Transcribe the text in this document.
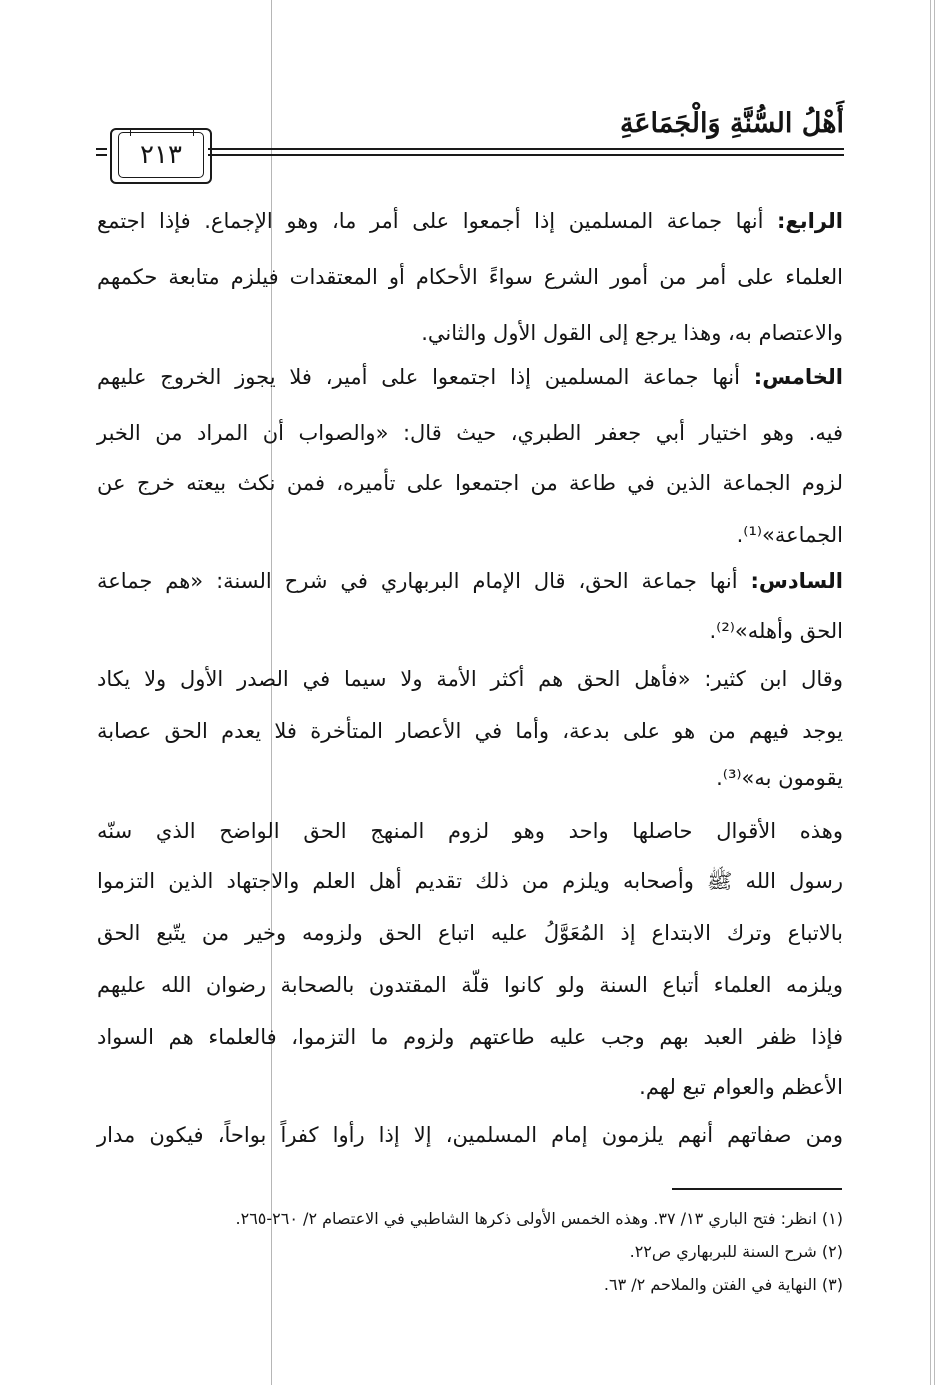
أَهْلُ السُّنَّةِ وَالْجَمَاعَةِ
٢١٣
الرابع: أنها جماعة المسلمين إذا أجمعوا على أمر ما، وهو الإجماع. فإذا اجتمع
العلماء على أمر من أمور الشرع سواءً الأحكام أو المعتقدات فيلزم متابعة حكمهم
والاعتصام به، وهذا يرجع إلى القول الأول والثاني.
الخامس: أنها جماعة المسلمين إذا اجتمعوا على أمير، فلا يجوز الخروج عليهم
فيه. وهو اختيار أبي جعفر الطبري، حيث قال: «والصواب أن المراد من الخبر
لزوم الجماعة الذين في طاعة من اجتمعوا على تأميره، فمن نكث بيعته خرج عن
الجماعة»⁽¹⁾.
السادس: أنها جماعة الحق، قال الإمام البربهاري في شرح السنة: «هم جماعة
الحق وأهله»⁽²⁾.
وقال ابن كثير: «فأهل الحق هم أكثر الأمة ولا سيما في الصدر الأول ولا يكاد
يوجد فيهم من هو على بدعة، وأما في الأعصار المتأخرة فلا يعدم الحق عصابة
يقومون به»⁽³⁾.
وهذه الأقوال حاصلها واحد وهو لزوم المنهج الحق الواضح الذي سنّه
رسول الله ﷺ وأصحابه ويلزم من ذلك تقديم أهل العلم والاجتهاد الذين التزموا
بالاتباع وترك الابتداع إذ المُعَوَّلُ عليه اتباع الحق ولزومه وخير من يتّبع الحق
ويلزمه العلماء أتباع السنة ولو كانوا قلّة المقتدون بالصحابة رضوان الله عليهم
فإذا ظفر العبد بهم وجب عليه طاعتهم ولزوم ما التزموا، فالعلماء هم السواد
الأعظم والعوام تبع لهم.
ومن صفاتهم أنهم يلزمون إمام المسلمين، إلا إذا رأوا كفراً بواحاً، فيكون مدار
(١) انظر: فتح الباري ١٣/ ٣٧. وهذه الخمس الأولى ذكرها الشاطبي في الاعتصام ٢/ ٢٦٠-٢٦٥.
(٢) شرح السنة للبربهاري ص٢٢.
(٣) النهاية في الفتن والملاحم ٢/ ٦٣.
